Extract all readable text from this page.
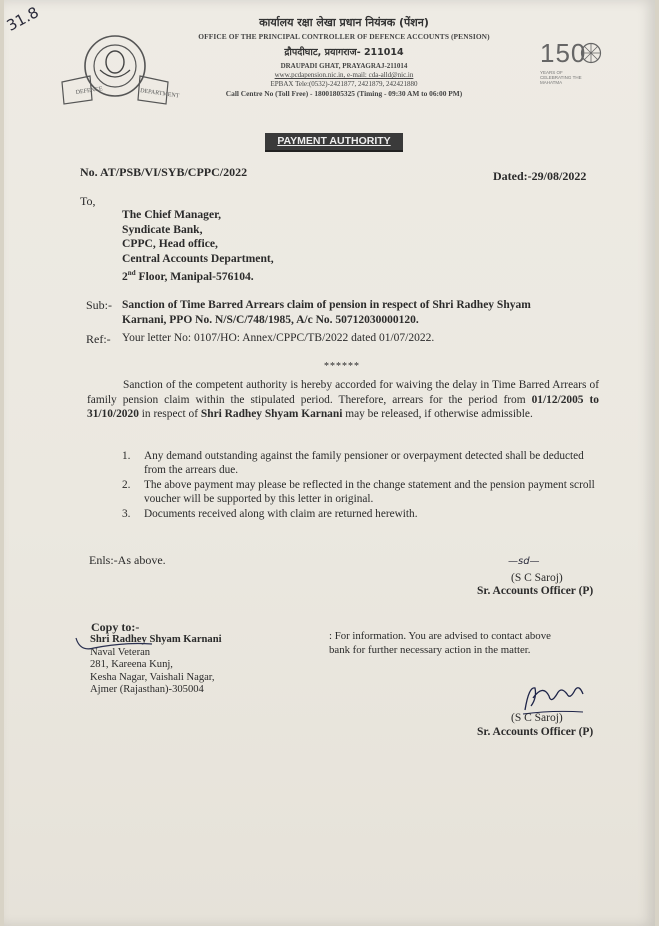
31.8
DEFENCE	DEPARTMENT
150
YEARS OF CELEBRATING THE MAHATMA
कार्यालय रक्षा लेखा प्रधान नियंत्रक (पेंशन)
OFFICE OF THE PRINCIPAL CONTROLLER OF DEFENCE ACCOUNTS (PENSION)
द्रौपदीघाट, प्रयागराज- 211014
DRAUPADI GHAT, PRAYAGRAJ-211014
www.pcdapension.nic.in, e-mail: cda-alld@nic.in
EPBAX Tele:(0532)-2421877, 2421879, 242421880
Call Centre No (Toll Free) - 18001805325 (Timing - 09:30 AM to 06:00 PM)
PAYMENT AUTHORITY
No. AT/PSB/VI/SYB/CPPC/2022	Dated:-29/08/2022
To,
The Chief Manager,
Syndicate Bank,
CPPC, Head office,
Central Accounts Department,
2nd Floor, Manipal-576104.
Sub:- Sanction of Time Barred Arrears claim of pension in respect of Shri Radhey Shyam
Karnani, PPO No. N/S/C/748/1985, A/c No. 50712030000120.
Ref:- Your letter No: 0107/HO: Annex/CPPC/TB/2022 dated 01/07/2022.
******

Sanction of the competent authority is hereby accorded for waiving the delay in Time Barred Arrears of family pension claim within the stipulated period. Therefore, arrears for the period from 01/12/2005 to 31/10/2020 in respect of Shri Radhey Shyam Karnani may be released, if otherwise admissible.

1.	Any demand outstanding against the family pensioner or overpayment detected shall be deducted from the arrears due.
2.	The above payment may please be reflected in the change statement and the pension payment scroll voucher will be supported by this letter in original.
3.	Documents received along with claim are returned herewith.
Enls:-As above.	—sd—
(S C Saroj)
Sr. Accounts Officer (P)
Copy to:-
Shri Radhey Shyam Karnani
Naval Veteran
281, Kareena Kunj,
Kesha Nagar, Vaishali Nagar,
Ajmer (Rajasthan)-305004
: For information. You are advised to contact above
bank for further necessary action in the matter.
(S C Saroj)
Sr. Accounts Officer (P)
